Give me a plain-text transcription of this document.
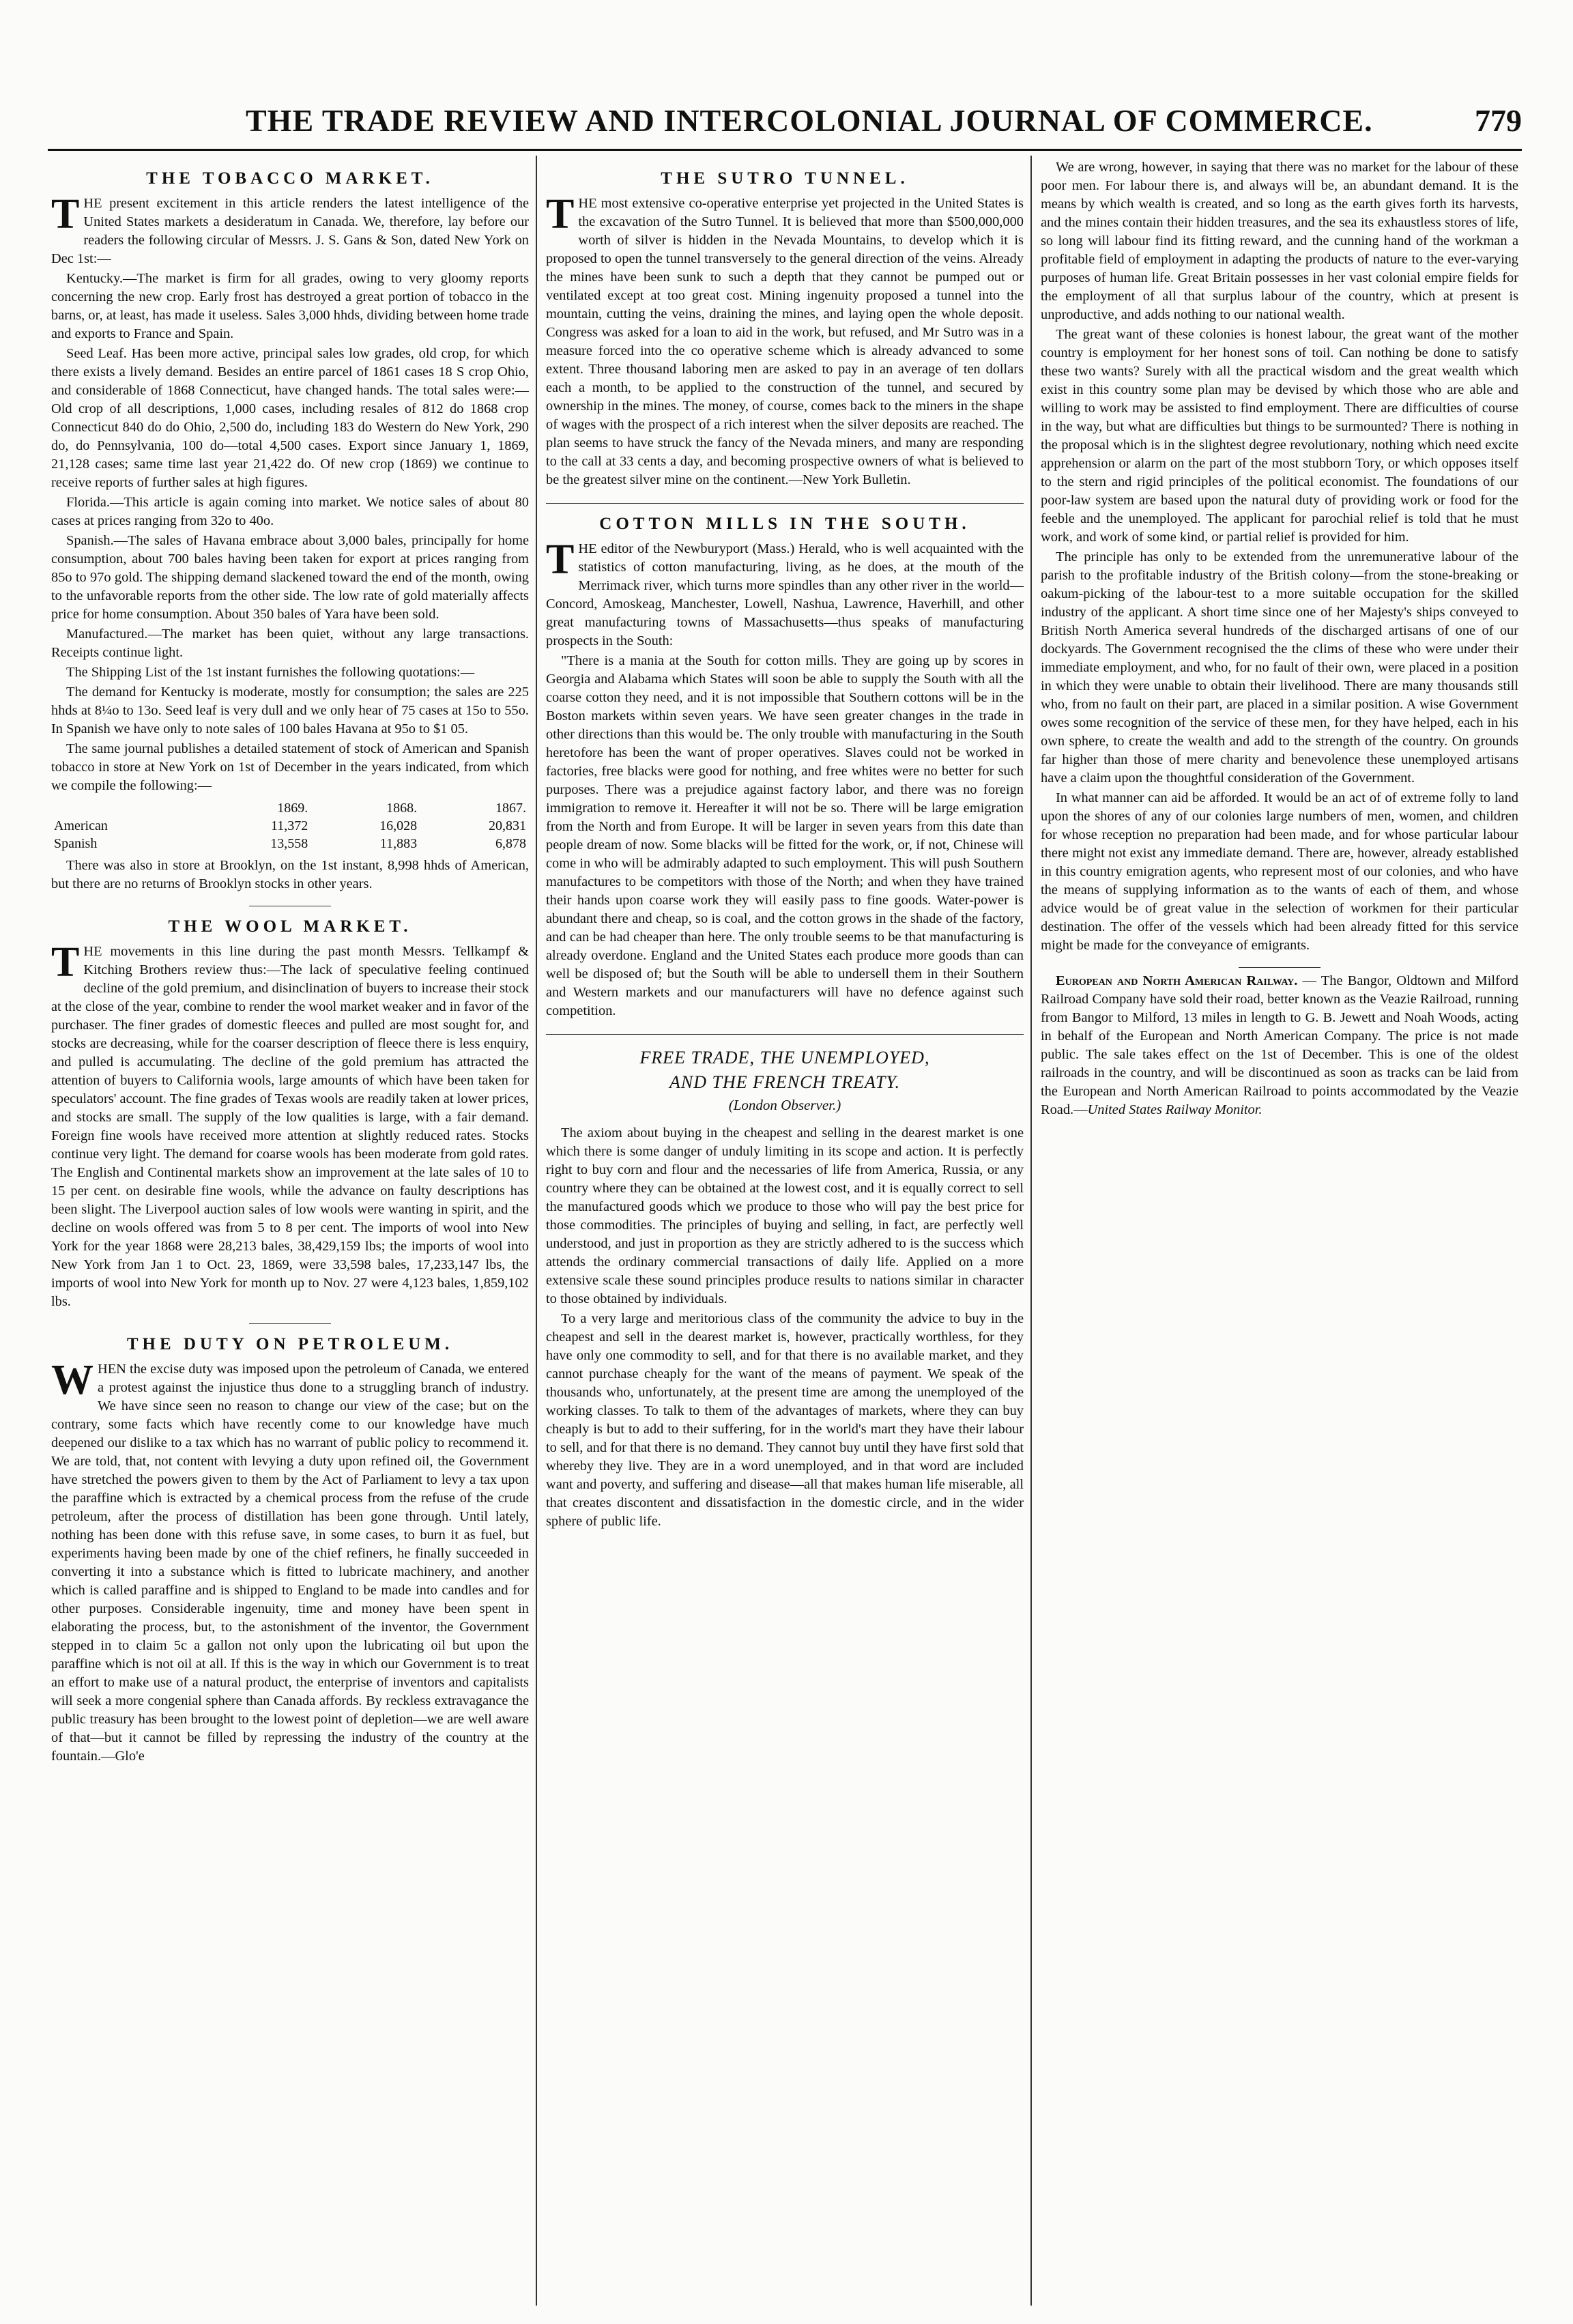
THE TRADE REVIEW AND INTERCOLONIAL JOURNAL OF COMMERCE.	779
THE TOBACCO MARKET.

THE present excitement in this article renders the latest intelligence of the United States markets a desideratum in Canada. We, therefore, lay before our readers the following circular of Messrs. J. S. Gans & Son, dated New York on Dec 1st:—

Kentucky.—The market is firm for all grades, owing to very gloomy reports concerning the new crop. Early frost has destroyed a great portion of tobacco in the barns, or, at least, has made it useless. Sales 3,000 hhds, dividing between home trade and exports to France and Spain.

Seed Leaf. Has been more active, principal sales low grades, old crop, for which there exists a lively demand. Besides an entire parcel of 1861 cases 18 S crop Ohio, and considerable of 1868 Connecticut, have changed hands. The total sales were:—Old crop of all descriptions, 1,000 cases, including resales of 812 do 1868 crop Connecticut 840 do do Ohio, 2,500 do, including 183 do Western do New York, 290 do, do Pennsylvania, 100 do—total 4,500 cases. Export since January 1, 1869, 21,128 cases; same time last year 21,422 do. Of new crop (1869) we continue to receive reports of further sales at high figures.

Florida.—This article is again coming into market. We notice sales of about 80 cases at prices ranging from 32o to 40o.

Spanish.—The sales of Havana embrace about 3,000 bales, principally for home consumption, about 700 bales having been taken for export at prices ranging from 85o to 97o gold. The shipping demand slackened toward the end of the month, owing to the unfavorable reports from the other side. The low rate of gold materially affects price for home consumption. About 350 bales of Yara have been sold.

Manufactured.—The market has been quiet, without any large transactions. Receipts continue light.

The Shipping List of the 1st instant furnishes the following quotations:—

The demand for Kentucky is moderate, mostly for consumption; the sales are 225 hhds at 8¼o to 13o. Seed leaf is very dull and we only hear of 75 cases at 15o to 55o. In Spanish we have only to note sales of 100 bales Havana at 95o to $1 05.

The same journal publishes a detailed statement of stock of American and Spanish tobacco in store at New York on 1st of December in the years indicated, from which we compile the following:—

	1869.	1868.	1867.
American	11,372	16,028	20,831
Spanish	13,558	11,883	6,878

There was also in store at Brooklyn, on the 1st instant, 8,998 hhds of American, but there are no returns of Brooklyn stocks in other years.

THE WOOL MARKET.

THE movements in this line during the past month Messrs. Tellkampf & Kitching Brothers review thus:—The lack of speculative feeling continued decline of the gold premium, and disinclination of buyers to increase their stock at the close of the year, combine to render the wool market weaker and in favor of the purchaser. The finer grades of domestic fleeces and pulled are most sought for, and stocks are decreasing, while for the coarser description of fleece there is less enquiry, and pulled is accumulating. The decline of the gold premium has attracted the attention of buyers to California wools, large amounts of which have been taken for speculators' account. The fine grades of Texas wools are readily taken at lower prices, and stocks are small. The supply of the low qualities is large, with a fair demand. Foreign fine wools have received more attention at slightly reduced rates. Stocks continue very light. The demand for coarse wools has been moderate from gold rates. The English and Continental markets show an improvement at the late sales of 10 to 15 per cent. on desirable fine wools, while the advance on faulty descriptions has been slight. The Liverpool auction sales of low wools were wanting in spirit, and the decline on wools offered was from 5 to 8 per cent. The imports of wool into New York for the year 1868 were 28,213 bales, 38,429,159 lbs; the imports of wool into New York from Jan 1 to Oct. 23, 1869, were 33,598 bales, 17,233,147 lbs, the imports of wool into New York for month up to Nov. 27 were 4,123 bales, 1,859,102 lbs.

THE DUTY ON PETROLEUM.

WHEN the excise duty was imposed upon the petroleum of Canada, we entered a protest against the injustice thus done to a struggling branch of industry. We have since seen no reason to change our view of the case; but on the contrary, some facts which have recently come to our knowledge have much deepened our dislike to a tax which has no warrant of public policy to recommend it. We are told, that, not content with levying a duty upon refined oil, the Government have stretched the powers given to them by the Act of Parliament to levy a tax upon the paraffine which is extracted by a chemical process from the refuse of the crude petroleum, after the process of distillation has been gone through. Until lately, nothing has been done with this refuse save, in some cases, to burn it as fuel, but experiments having been made by one of the chief refiners, he finally succeeded in converting it into a substance which is fitted to lubricate machinery, and another which is called paraffine and is shipped to England to be made into candles and for other purposes. Considerable ingenuity, time and money have been spent in elaborating the process, but, to the astonishment of the inventor, the Government stepped in to claim 5c a gallon not only upon the lubricating oil but upon the paraffine which is not oil at all. If this is the way in which our Government is to treat an effort to make use of a natural product, the enterprise of inventors and capitalists will seek a more congenial sphere than Canada affords. By reckless extravagance the public treasury has been brought to the lowest point of depletion—we are well aware of that—but it cannot be filled by repressing the industry of the country at the fountain.—Glo'e

THE SUTRO TUNNEL.

THE most extensive co-operative enterprise yet projected in the United States is the excavation of the Sutro Tunnel. It is believed that more than $500,000,000 worth of silver is hidden in the Nevada Mountains, to develop which it is proposed to open the tunnel transversely to the general direction of the veins. Already the mines have been sunk to such a depth that they cannot be pumped out or ventilated except at too great cost. Mining ingenuity proposed a tunnel into the mountain, cutting the veins, draining the mines, and laying open the whole deposit. Congress was asked for a loan to aid in the work, but refused, and Mr Sutro was in a measure forced into the co operative scheme which is already advanced to some extent. Three thousand laboring men are asked to pay in an average of ten dollars each a month, to be applied to the construction of the tunnel, and secured by ownership in the mines. The money, of course, comes back to the miners in the shape of wages with the prospect of a rich interest when the silver deposits are reached. The plan seems to have struck the fancy of the Nevada miners, and many are responding to the call at 33 cents a day, and becoming prospective owners of what is believed to be the greatest silver mine on the continent.—New York Bulletin.

COTTON MILLS IN THE SOUTH.

THE editor of the Newburyport (Mass.) Herald, who is well acquainted with the statistics of cotton manufacturing, living, as he does, at the mouth of the Merrimack river, which turns more spindles than any other river in the world—Concord, Amoskeag, Manchester, Lowell, Nashua, Lawrence, Haverhill, and other great manufacturing towns of Massachusetts—thus speaks of manufacturing prospects in the South:

"There is a mania at the South for cotton mills. They are going up by scores in Georgia and Alabama which States will soon be able to supply the South with all the coarse cotton they need, and it is not impossible that Southern cottons will be in the Boston markets within seven years. We have seen greater changes in the trade in other directions than this would be. The only trouble with manufacturing in the South heretofore has been the want of proper operatives. Slaves could not be worked in factories, free blacks were good for nothing, and free whites were no better for such purposes. There was a prejudice against factory labor, and there was no foreign immigration to remove it. Hereafter it will not be so. There will be large emigration from the North and from Europe. It will be larger in seven years from this date than people dream of now. Some blacks will be fitted for the work, or, if not, Chinese will come in who will be admirably adapted to such employment. This will push Southern manufactures to be competitors with those of the North; and when they have trained their hands upon coarse work they will easily pass to fine goods. Water-power is abundant there and cheap, so is coal, and the cotton grows in the shade of the factory, and can be had cheaper than here. The only trouble seems to be that manufacturing is already overdone. England and the United States each produce more goods than can well be disposed of; but the South will be able to undersell them in their Southern and Western markets and our manufacturers will have no defence against such competition.

FREE TRADE, THE UNEMPLOYED,
AND THE FRENCH TREATY.
(London Observer.)

The axiom about buying in the cheapest and selling in the dearest market is one which there is some danger of unduly limiting in its scope and action. It is perfectly right to buy corn and flour and the necessaries of life from America, Russia, or any country where they can be obtained at the lowest cost, and it is equally correct to sell the manufactured goods which we produce to those who will pay the best price for those commodities. The principles of buying and selling, in fact, are perfectly well understood, and just in proportion as they are strictly adhered to is the success which attends the ordinary commercial transactions of daily life. Applied on a more extensive scale these sound principles produce results to nations similar in character to those obtained by individuals.

To a very large and meritorious class of the community the advice to buy in the cheapest and sell in the dearest market is, however, practically worthless, for they have only one commodity to sell, and for that there is no available market, and they cannot purchase cheaply for the want of the means of payment. We speak of the thousands who, unfortunately, at the present time are among the unemployed of the working classes. To talk to them of the advantages of markets, where they can buy cheaply is but to add to their suffering, for in the world's mart they have their labour to sell, and for that there is no demand. They cannot buy until they have first sold that whereby they live. They are in a word unemployed, and in that word are included want and poverty, and suffering and disease—all that makes human life miserable, all that creates discontent and dissatisfaction in the domestic circle, and in the wider sphere of public life.

We are wrong, however, in saying that there was no market for the labour of these poor men. For labour there is, and always will be, an abundant demand. It is the means by which wealth is created, and so long as the earth gives forth its harvests, and the mines contain their hidden treasures, and the sea its exhaustless stores of life, so long will labour find its fitting reward, and the cunning hand of the workman a profitable field of employment in adapting the products of nature to the ever-varying purposes of human life. Great Britain possesses in her vast colonial empire fields for the employment of all that surplus labour of the country, which at present is unproductive, and adds nothing to our national wealth.

The great want of these colonies is honest labour, the great want of the mother country is employment for her honest sons of toil. Can nothing be done to satisfy these two wants? Surely with all the practical wisdom and the great wealth which exist in this country some plan may be devised by which those who are able and willing to work may be assisted to find employment. There are difficulties of course in the way, but what are difficulties but things to be surmounted? There is nothing in the proposal which is in the slightest degree revolutionary, nothing which need excite apprehension or alarm on the part of the most stubborn Tory, or which opposes itself to the stern and rigid principles of the political economist. The foundations of our poor-law system are based upon the natural duty of providing work or food for the feeble and the unemployed. The applicant for parochial relief is told that he must work, and work of some kind, or partial relief is provided for him.

The principle has only to be extended from the unremunerative labour of the parish to the profitable industry of the British colony—from the stone-breaking or oakum-picking of the labour-test to a more suitable occupation for the skilled industry of the applicant. A short time since one of her Majesty's ships conveyed to British North America several hundreds of the discharged artisans of one of our dockyards. The Government recognised the the clims of these who were under their immediate employment, and who, for no fault of their own, were placed in a position in which they were unable to obtain their livelihood. There are many thousands still who, from no fault on their part, are placed in a similar position. A wise Government owes some recognition of the service of these men, for they have helped, each in his own sphere, to create the wealth and add to the strength of the country. On grounds far higher than those of mere charity and benevolence these unemployed artisans have a claim upon the thoughtful consideration of the Government.

In what manner can aid be afforded. It would be an act of of extreme folly to land upon the shores of any of our colonies large numbers of men, women, and children for whose reception no preparation had been made, and for whose particular labour there might not exist any immediate demand. There are, however, already established in this country emigration agents, who represent most of our colonies, and who have the means of supplying information as to the wants of each of them, and whose advice would be of great value in the selection of workmen for their particular destination. The offer of the vessels which had been already fitted for this service might be made for the conveyance of emigrants.

European and North American Railway. — The Bangor, Oldtown and Milford Railroad Company have sold their road, better known as the Veazie Railroad, running from Bangor to Milford, 13 miles in length to G. B. Jewett and Noah Woods, acting in behalf of the European and North American Company. The price is not made public. The sale takes effect on the 1st of December. This is one of the oldest railroads in the country, and will be discontinued as soon as tracks can be laid from the European and North American Railroad to points accommodated by the Veazie Road.—United States Railway Monitor.
